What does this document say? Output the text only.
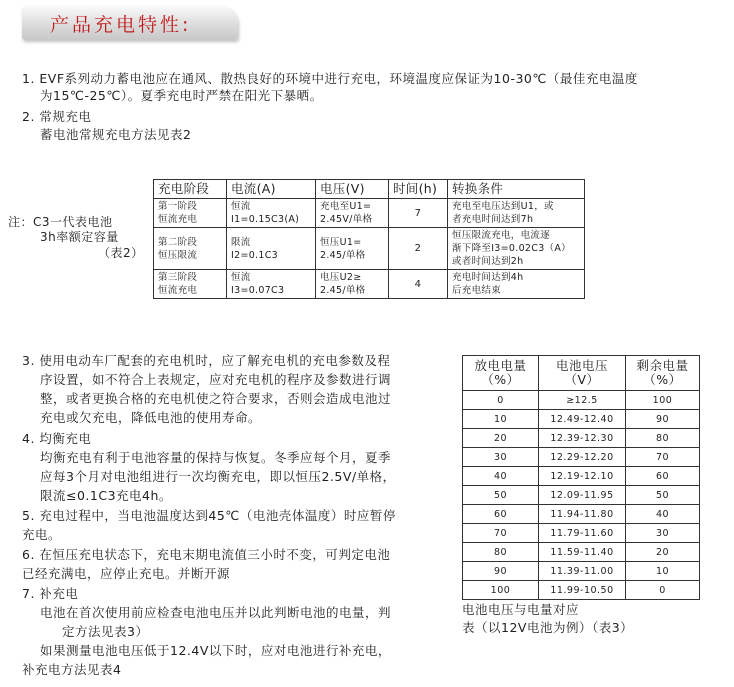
产品充电特性:
1. EVF系列动力蓄电池应在通风、散热良好的环境中进行充电，环境温度应保证为10-30℃（最佳充电温度
为15℃-25℃）。夏季充电时严禁在阳光下暴晒。
2. 常规充电
蓄电池常规充电方法见表2
注：C3一代表电池
3h率额定容量
（表2）
充电阶段	电流(A)	电压(V)	时间(h)	转换条件

第一阶段
恒流充电	恒流
I1=0.15C3(A)	充电至U1=
2.45V/单格	7	充电至电压达到U1，或
者充电时间达到7h

第二阶段
恒压限流	限流
I2=0.1C3	恒压U1=
2.45/单格	2	恒压限流充电，电流逐
渐下降至I3=0.02C3（A）
或者时间达到2h

第三阶段
恒流充电	恒流
I3=0.07C3	电压U2≥
2.45/单格	4	充电时间达到4h
后充电结束
3. 使用电动车厂配套的充电机时，应了解充电机的充电参数及程
序设置，如不符合上表规定，应对充电机的程序及参数进行调
整，或者更换合格的充电机使之符合要求，否则会造成电池过
充电或欠充电，降低电池的使用寿命。
4. 均衡充电
均衡充电有利于电池容量的保持与恢复。冬季应每个月，夏季
应每3个月对电池组进行一次均衡充电，即以恒压2.5V/单格，
限流≤0.1C3充电4h。
5. 充电过程中，当电池温度达到45℃（电池壳体温度）时应暂停
充电。
6. 在恒压充电状态下，充电末期电流值三小时不变，可判定电池
已经充满电，应停止充电。并断开源
7. 补充电
电池在首次使用前应检查电池电压并以此判断电池的电量，判
定方法见表3）
如果测量电池电压低于12.4V以下时，应对电池进行补充电，
补充电方法见表4
放电电量
（%）	电池电压
（V）	剩余电量
（%）

0	≥12.5	100
10	12.49-12.40	90
20	12.39-12.30	80
30	12.29-12.20	70
40	12.19-12.10	60
50	12.09-11.95	50
60	11.94-11.80	40
70	11.79-11.60	30
80	11.59-11.40	20
90	11.39-11.00	10
100	11.99-10.50	0
电池电压与电量对应
表（以12V电池为例）（表3）
